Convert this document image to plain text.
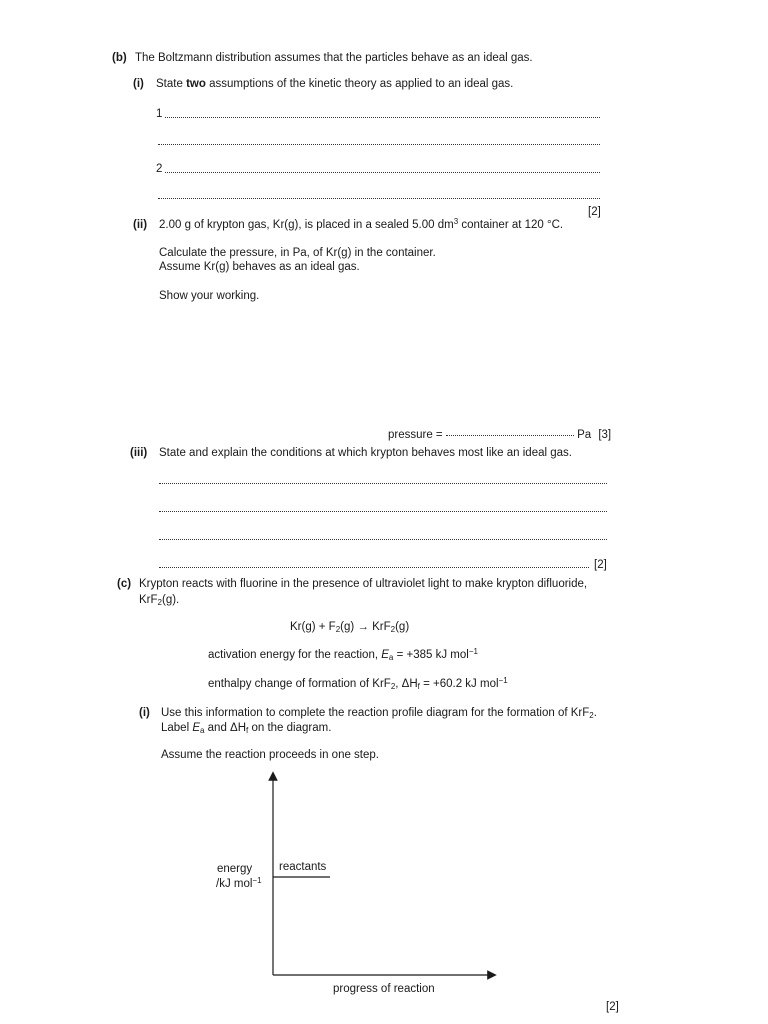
(b) The Boltzmann distribution assumes that the particles behave as an ideal gas.
(i) State two assumptions of the kinetic theory as applied to an ideal gas.
1
2
[2]
(ii) 2.00 g of krypton gas, Kr(g), is placed in a sealed 5.00 $dm^3$ container at 120 °C.
Calculate the pressure, in Pa, of Kr(g) in the container.
Assume Kr(g) behaves as an ideal gas.
Show your working.
pressure =	Pa [3]
(iii) State and explain the conditions at which krypton behaves most like an ideal gas.
[2]
(c) Krypton reacts with fluorine in the presence of ultraviolet light to make krypton difluoride,
KrF$_2$(g).
$Kr(g) + F_2(g) \to KrF_2(g)$
activation energy for the reaction, $E_a = +385$ kJ mol$^{-1}$
enthalpy change of formation of KrF$_2$, $\Delta H_f = +60.2$ kJ mol$^{-1}$
(i) Use this information to complete the reaction profile diagram for the formation of KrF$_2$.
Label $E_a$ and $\Delta H_f$ on the diagram.
Assume the reaction proceeds in one step.
energy
/kJ mol$^{-1}$
reactants
progress of reaction
[2]
